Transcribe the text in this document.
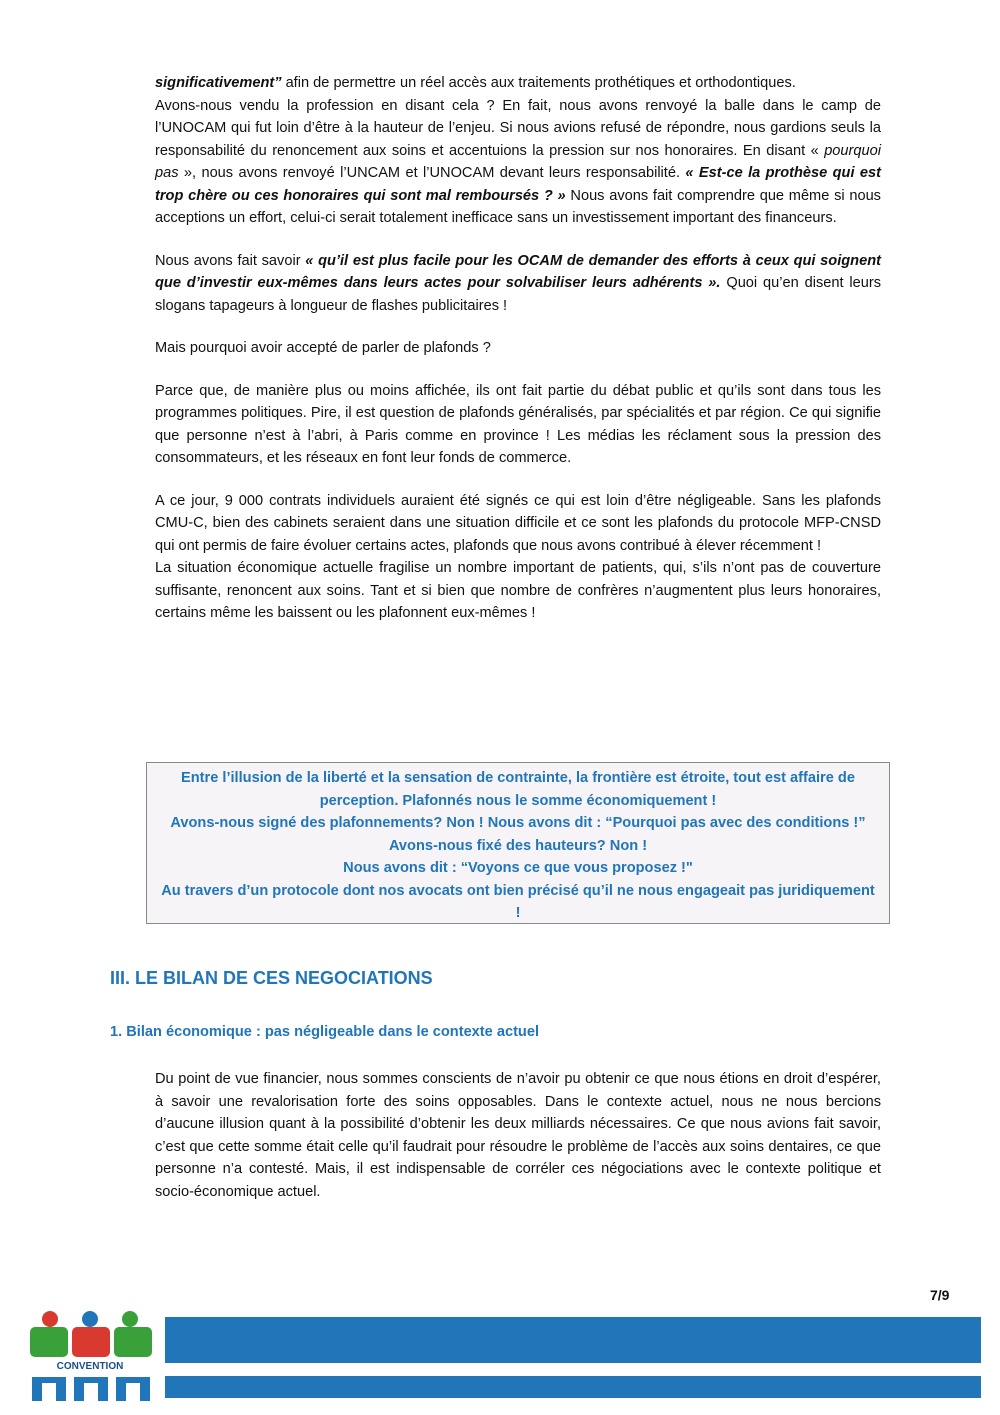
significativement” afin de permettre un réel accès aux traitements prothétiques et orthodontiques.

Avons-nous vendu la profession en disant cela ? En fait, nous avons renvoyé la balle dans le camp de l’UNOCAM qui fut loin d’être à la hauteur de l’enjeu. Si nous avions refusé de répondre, nous gardions seuls la responsabilité du renoncement aux soins et accentuions la pression sur nos honoraires. En disant « pourquoi pas », nous avons renvoyé l’UNCAM et l’UNOCAM devant leurs responsabilité. « Est-ce la prothèse qui est trop chère ou ces honoraires qui sont mal remboursés ? » Nous avons fait comprendre que même si nous acceptions un effort, celui-ci serait totalement inefficace sans un investissement important des financeurs.

Nous avons fait savoir « qu’il est plus facile pour les OCAM de demander des efforts à ceux qui soignent que d’investir eux-mêmes dans leurs actes pour solvabiliser leurs adhérents ». Quoi qu’en disent leurs slogans tapageurs à longueur de flashes publicitaires !

Mais pourquoi avoir accepté de parler de plafonds ?

Parce que, de manière plus ou moins affichée, ils ont fait partie du débat public et qu’ils sont dans tous les programmes politiques. Pire, il est question de plafonds généralisés, par spécialités et par région. Ce qui signifie que personne n’est à l’abri, à Paris comme en province ! Les médias les réclament sous la pression des consommateurs, et les réseaux en font leur fonds de commerce.

A ce jour, 9 000 contrats individuels auraient été signés ce qui est loin d’être négligeable. Sans les plafonds CMU-C, bien des cabinets seraient dans une situation difficile et ce sont les plafonds du protocole MFP-CNSD qui ont permis de faire évoluer certains actes, plafonds que nous avons contribué à élever récemment !

La situation économique actuelle fragilise un nombre important de patients, qui, s’ils n’ont pas de couverture suffisante, renoncent aux soins. Tant et si bien que nombre de confrères n’augmentent plus leurs honoraires, certains même les baissent ou les plafonnent eux-mêmes !

Entre l’illusion de la liberté et la sensation de contrainte, la frontière est étroite, tout est affaire de perception. Plafonnés nous le somme économiquement !

Avons-nous signé des plafonnements? Non ! Nous avons dit : “Pourquoi pas avec des conditions !” Avons-nous fixé des hauteurs? Non !

Nous avons dit : “Voyons ce que vous proposez !"

Au travers d’un protocole dont nos avocats ont bien précisé qu’il ne nous engageait pas juridiquement !

III. LE BILAN DE CES NEGOCIATIONS
1. Bilan économique : pas négligeable dans le contexte actuel

Du point de vue financier, nous sommes conscients de n’avoir pu obtenir ce que nous étions en droit d’espérer, à savoir une revalorisation forte des soins opposables. Dans le contexte actuel, nous ne nous bercions d’aucune illusion quant à la possibilité d’obtenir les deux milliards nécessaires. Ce que nous avions fait savoir, c’est que cette somme était celle qu’il faudrait pour résoudre le problème de l’accès aux soins dentaires, ce que personne n’a contesté. Mais, il est indispensable de corréler ces négociations avec le contexte politique et socio-économique actuel.

7/9
CONVENTION
